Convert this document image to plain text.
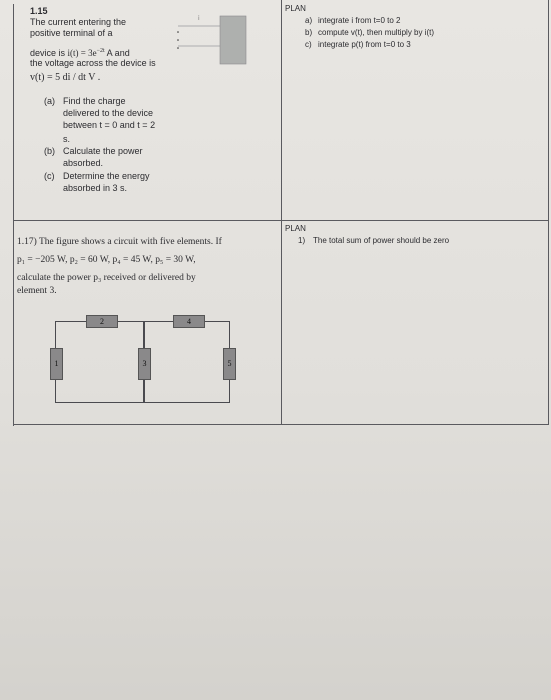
1.15
The current entering the
positive terminal of a
device is $i(t) = 3e^{-2t}$ A and
the voltage across the device is
v(t) = 5 di / dt V .
(a) Find the charge
delivered to the device
between t = 0 and t = 2
s.
(b) Calculate the power
absorbed.
(c) Determine the energy
absorbed in 3 s.
i
PLAN
a) integrate i from t=0 to 2
b) compute v(t), then multiply by i(t)
c) integrate p(t) from t=0 to 3
1.17) The figure shows a circuit with five elements. If
p₁ = −205 W, p₂ = 60 W, p₄ = 45 W, p₅ = 30 W,
calculate the power p₃ received or delivered by
element 3.
2	4
1	3	5
PLAN
1) The total sum of power should be zero
